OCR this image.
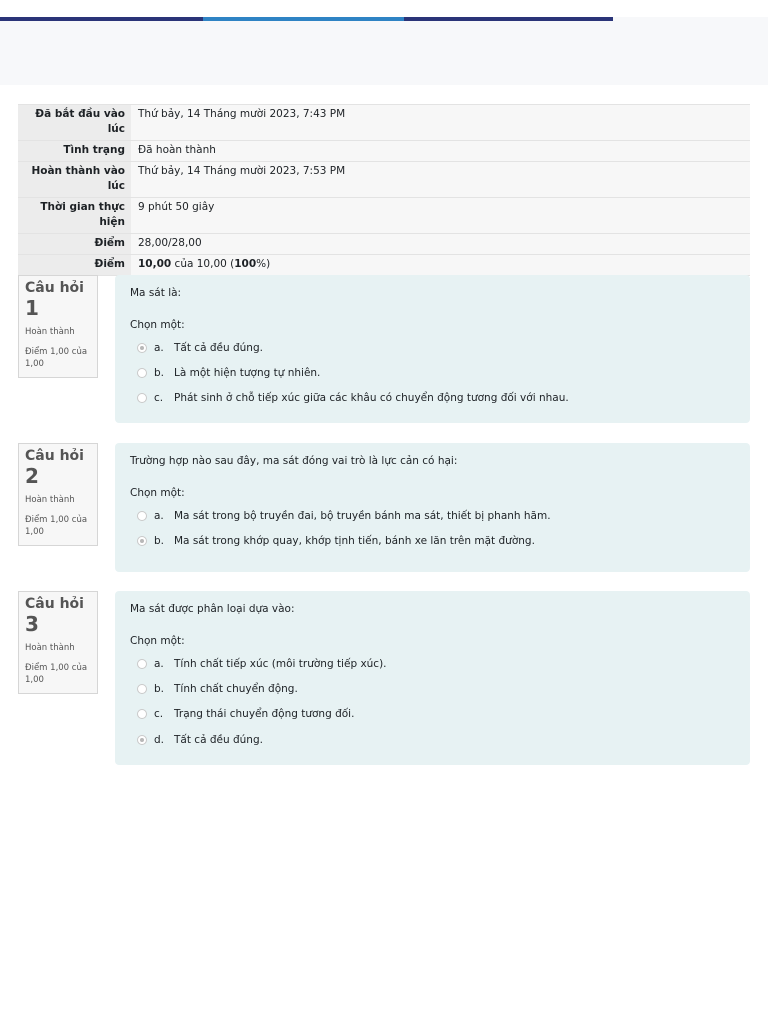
Đã bắt đầu vào lúc	Thứ bảy, 14 Tháng mười 2023, 7:43 PM
Tình trạng	Đã hoàn thành
Hoàn thành vào lúc	Thứ bảy, 14 Tháng mười 2023, 7:53 PM
Thời gian thực hiện	9 phút 50 giây
Điểm	28,00/28,00
Điểm	10,00 của 10,00 (100%)
Câu hỏi
1
Hoàn thành
Điểm 1,00 của 1,00
Ma sát là:
Chọn một:
a. Tất cả đều đúng.
b. Là một hiện tượng tự nhiên.
c.	Phát sinh ở chỗ tiếp xúc giữa các khâu có chuyển động tương đối với nhau.
Câu hỏi
2
Hoàn thành
Điểm 1,00 của 1,00
Trường hợp nào sau đây, ma sát đóng vai trò là lực cản có hại:
Chọn một:
a. Ma sát trong bộ truyền đai, bộ truyền bánh ma sát, thiết bị phanh hãm.
b. Ma sát trong khớp quay, khớp tịnh tiến, bánh xe lăn trên mặt đường.
Câu hỏi
3
Hoàn thành
Điểm 1,00 của 1,00
Ma sát được phân loại dựa vào:
Chọn một:
a. Tính chất tiếp xúc (môi trường tiếp xúc).
b. Tính chất chuyển động.
c.	Trạng thái chuyển động tương đối.
d. Tất cả đều đúng.
